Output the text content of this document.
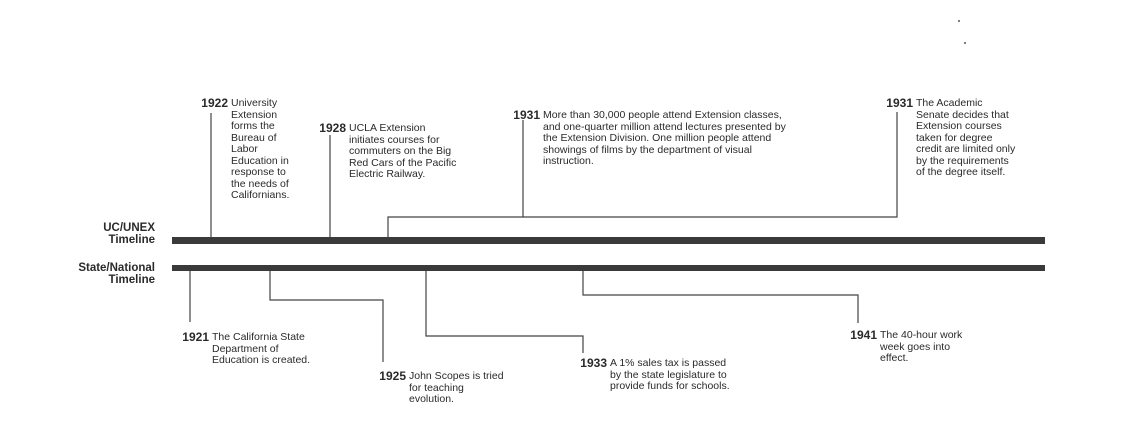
UC/UNEX
Timeline
State/National
Timeline
1922 University
Extension
forms the
Bureau of
Labor
Education in
response to
the needs of
Californians.
1928 UCLA Extension
initiates courses for
commuters on the Big
Red Cars of the Pacific
Electric Railway.
1931 More than 30,000 people attend Extension classes,
and one-quarter million attend lectures presented by
the Extension Division. One million people attend
showings of films by the department of visual
instruction.
1931 The Academic
Senate decides that
Extension courses
taken for degree
credit are limited only
by the requirements
of the degree itself.
1921 The California State
Department of
Education is created.
1925 John Scopes is tried
for teaching
evolution.
1933 A 1% sales tax is passed
by the state legislature to
provide funds for schools.
1941 The 40-hour work
week goes into
effect.
